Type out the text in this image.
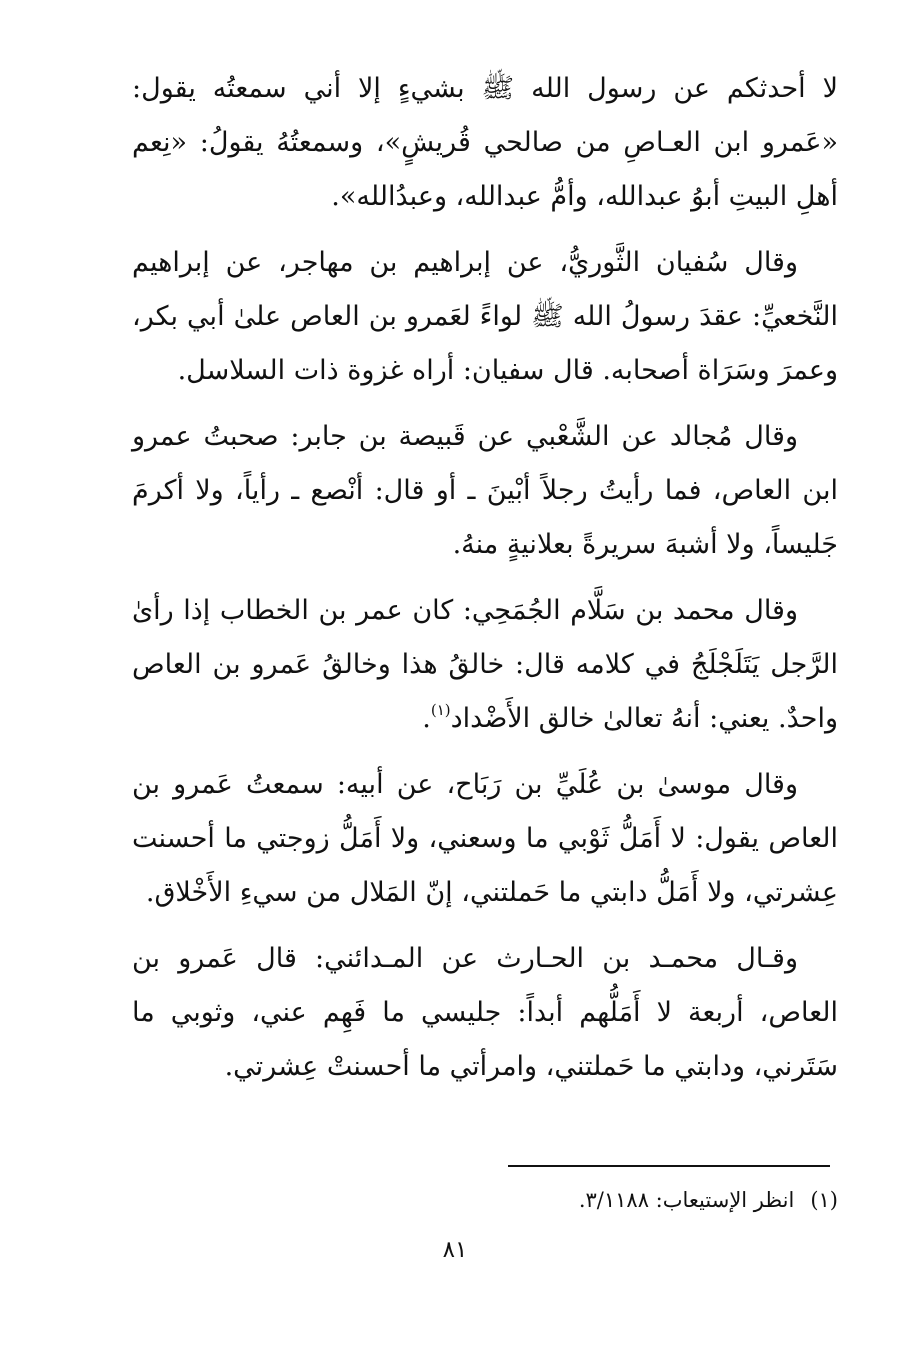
لا أحدثكم عن رسول الله ﷺ بشيءٍ إلا أني سمعتُه يقول: «عَمرو ابن العـاصِ من صالحي قُريشٍ»، وسمعتُهُ يقولُ: «نِعم أهلِ البيتِ أبوُ عبدالله، وأمُّ عبدالله، وعبدُالله».

وقال سُفيان الثَّوريُّ، عن إبراهيم بن مهاجر، عن إبراهيم النَّخعيِّ: عقدَ رسولُ الله ﷺ لواءً لعَمرو بن العاص علىٰ أبي بكر، وعمرَ وسَرَاة أصحابه. قال سفيان: أراه غزوة ذات السلاسل.

وقال مُجالد عن الشَّعْبي عن قَبيصة بن جابر: صحبتُ عمرو ابن العاص، فما رأيتُ رجلاً أبْينَ ـ أو قال: أنْصع ـ رأياً، ولا أكرمَ جَليساً، ولا أشبهَ سريرةً بعلانيةٍ منهُ.

وقال محمد بن سَلَّام الجُمَحِي: كان عمر بن الخطاب إذا رأىٰ الرَّجل يَتَلَجْلَجُ في كلامه قال: خالقُ هذا وخالقُ عَمرو بن العاص واحدٌ. يعني: أنهُ تعالىٰ خالق الأَضْداد$^{(١)}$.

وقال موسىٰ بن عُلَيِّ بن رَبَاح، عن أبيه: سمعتُ عَمرو بن العاص يقول: لا أَمَلُّ ثَوْبي ما وسعني، ولا أَمَلُّ زوجتي ما أحسنت عِشرتي، ولا أَمَلُّ دابتي ما حَملتني، إنّ المَلال من سيءِ الأَخْلاق.

وقـال محمـد بن الحـارث عن المـدائني: قال عَمرو بن العاص، أربعة لا أَمَلُّهم أبداً: جليسي ما فَهِم عني، وثوبي ما سَتَرني، ودابتي ما حَملتني، وامرأتي ما أحسنتْ عِشرتي.

(١)انظر الإستيعاب: ٣/١١٨٨.

٨١
